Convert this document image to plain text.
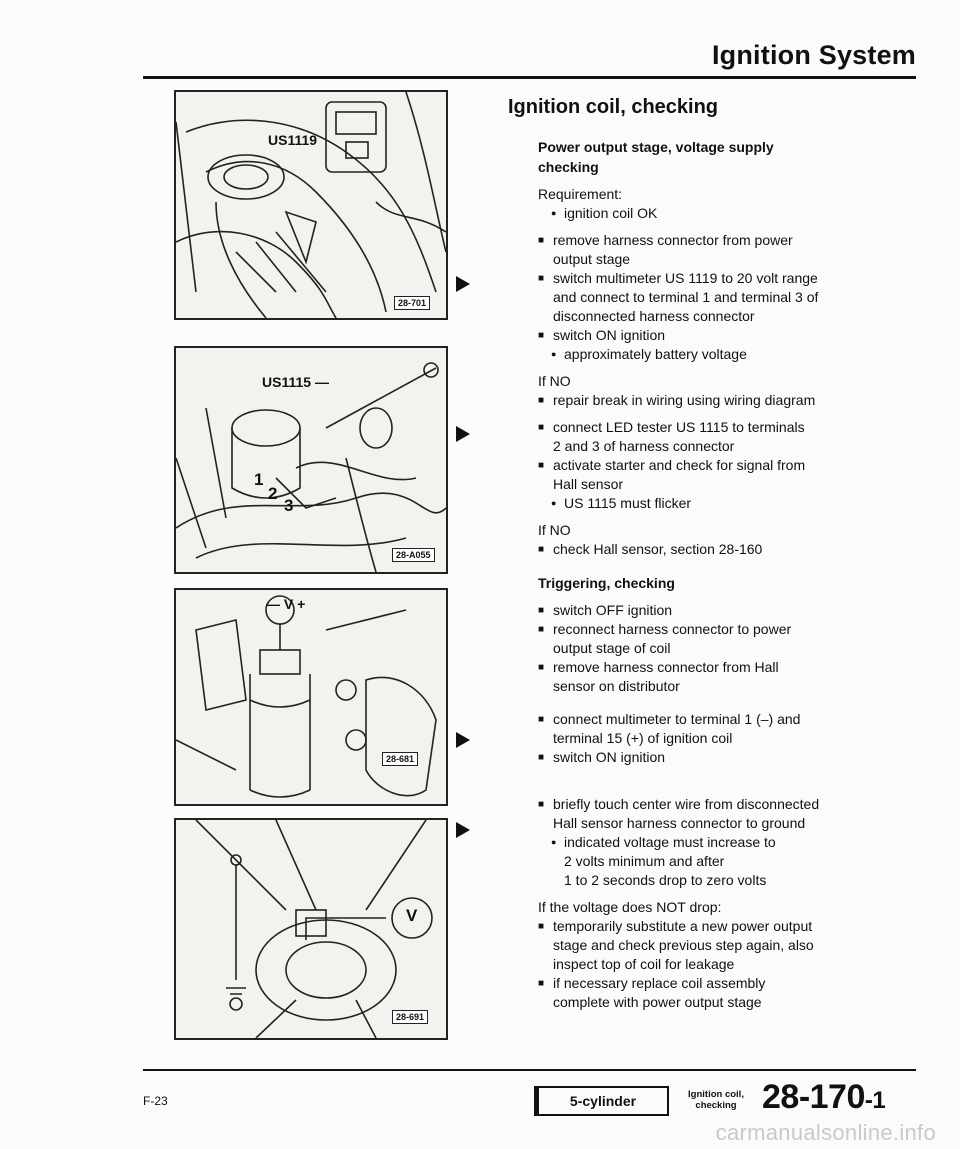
Ignition System
US1119
28-701
US1115 —
1
2
3
28-A055
— V +
28-681
V
28-691
Ignition coil, checking
Power output stage, voltage supply
checking
Requirement:
● ignition coil OK
■ remove harness connector from power
output stage
■ switch multimeter US 1119 to 20 volt range
and connect to terminal 1 and terminal 3 of
disconnected harness connector
■ switch ON ignition
● approximately battery voltage
If NO
■ repair break in wiring using wiring diagram
■ connect LED tester US 1115 to terminals
2 and 3 of harness connector
■ activate starter and check for signal from
Hall sensor
● US 1115 must flicker
If NO
■ check Hall sensor, section 28-160
Triggering, checking
■ switch OFF ignition
■ reconnect harness connector to power
output stage of coil
■ remove harness connector from Hall
sensor on distributor
■ connect multimeter to terminal 1 (–) and
terminal 15 (+) of ignition coil
■ switch ON ignition
■ briefly touch center wire from disconnected
Hall sensor harness connector to ground
● indicated voltage must increase to
2 volts minimum and after
1 to 2 seconds drop to zero volts
If the voltage does NOT drop:
■ temporarily substitute a new power output
stage and check previous step again, also
inspect top of coil for leakage
■ if necessary replace coil assembly
complete with power output stage
F-23	5-cylinder	Ignition coil,
checking 28-170-1
carmanualsonline.info
